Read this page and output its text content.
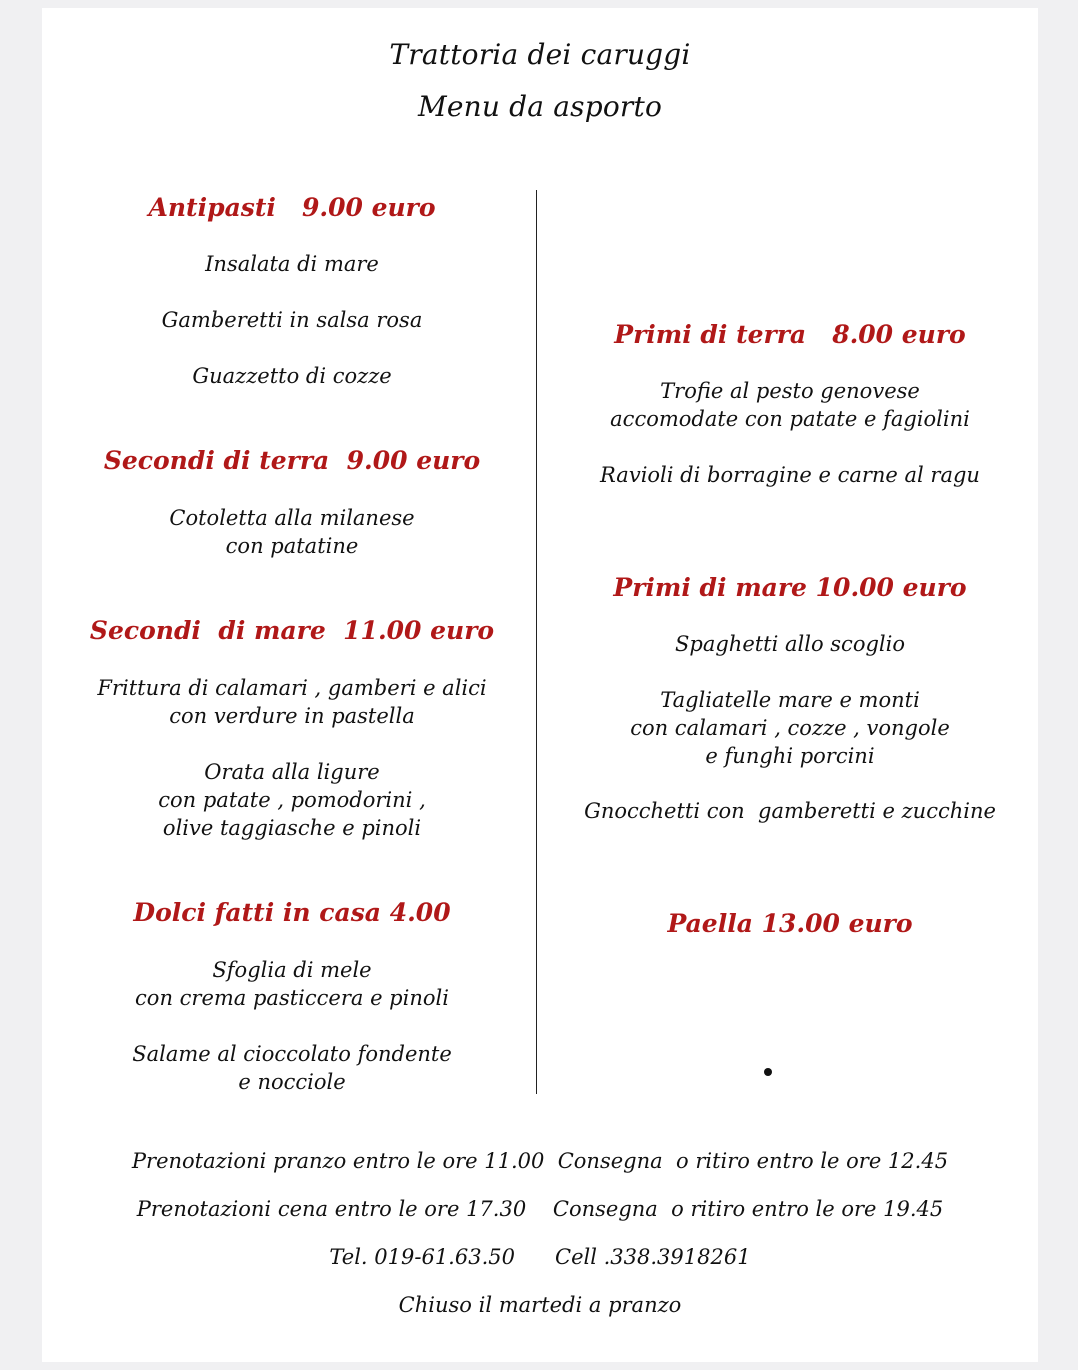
Trattoria dei caruggi
Menu da asporto
Antipasti   9.00 euro
Insalata di mare
Gamberetti in salsa rosa
Guazzetto di cozze
Secondi di terra  9.00 euro
Cotoletta alla milanese
con patatine
Secondi  di mare  11.00 euro
Frittura di calamari , gamberi e alici
con verdure in pastella
Orata alla ligure
con patate , pomodorini ,
olive taggiasche e pinoli
Dolci fatti in casa 4.00
Sfoglia di mele
con crema pasticcera e pinoli
Salame al cioccolato fondente
e nocciole
Primi di terra   8.00 euro
Trofie al pesto genovese
accomodate con patate e fagiolini
Ravioli di borragine e carne al ragu
Primi di mare 10.00 euro
Spaghetti allo scoglio
Tagliatelle mare e monti
con calamari , cozze , vongole
e funghi porcini
Gnocchetti con  gamberetti e zucchine
Paella 13.00 euro
Prenotazioni pranzo entro le ore 11.00  Consegna  o ritiro entro le ore 12.45
Prenotazioni cena entro le ore 17.30    Consegna  o ritiro entro le ore 19.45
Tel. 019-61.63.50      Cell .338.3918261
Chiuso il martedi a pranzo
